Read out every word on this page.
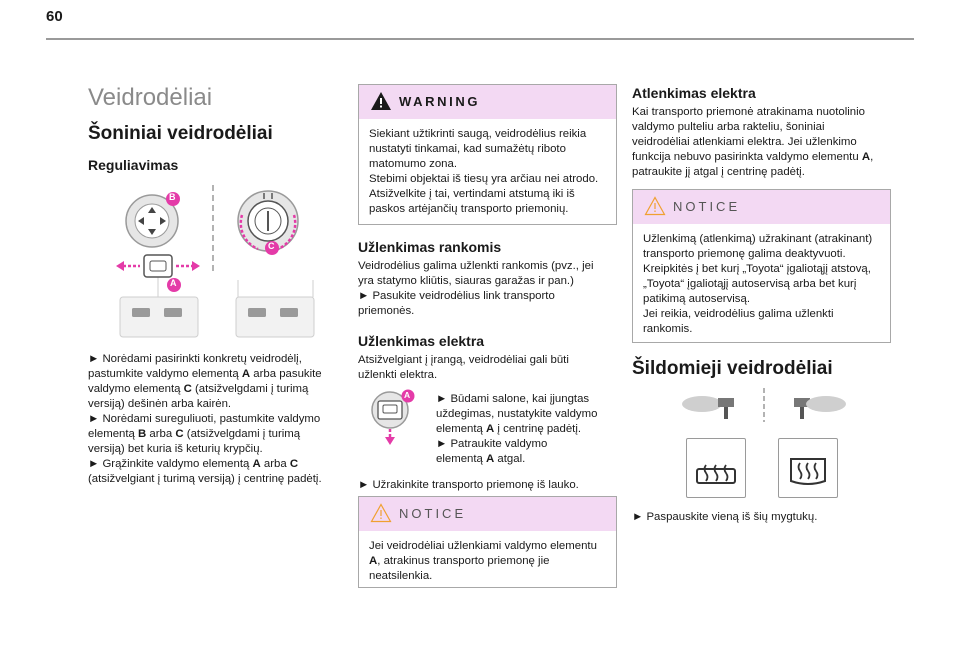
60
Veidrodėliai
Šoniniai veidrodėliai
Reguliavimas
B
A
C
► Norėdami pasirinkti konkretų veidrodėlį,
pastumkite valdymo elementą A arba pasukite
valdymo elementą C (atsižvelgdami į turimą
versiją) dešinėn arba kairėn.
► Norėdami sureguliuoti, pastumkite valdymo
elementą B arba C (atsižvelgdami į turimą
versiją) bet kuria iš keturių krypčių.
► Grąžinkite valdymo elementą A arba C
(atsižvelgiant į turimą versiją) į centrinę padėtį.
WARNING
Siekiant užtikrinti saugą, veidrodėlius reikia
nustatyti tinkamai, kad sumažėtų riboto
matomumo zona.
Stebimi objektai iš tiesų yra arčiau nei atrodo.
Atsižvelkite į tai, vertindami atstumą iki iš
paskos artėjančių transporto priemonių.
Užlenkimas rankomis
Veidrodėlius galima užlenkti rankomis (pvz., jei
yra statymo kliūtis, siauras garažas ir pan.)
► Pasukite veidrodėlius link transporto
priemonės.
Užlenkimas elektra
Atsižvelgiant į įrangą, veidrodėliai gali būti
užlenkti elektra.
A ► Būdami salone, kai įjungtas
uždegimas, nustatykite valdymo
elementą A į centrinę padėtį.
► Patraukite valdymo
elementą A atgal.
► Užrakinkite transporto priemonę iš lauko.
NOTICE
Jei veidrodėliai užlenkiami valdymo elementu
A, atrakinus transporto priemonę jie
neatsilenkia.
Atlenkimas elektra
Kai transporto priemonė atrakinama nuotolinio
valdymo pulteliu arba rakteliu, šoniniai
veidrodėliai atlenkiami elektra. Jei užlenkimo
funkcija nebuvo pasirinkta valdymo elementu A,
patraukite jį atgal į centrinę padėtį.
NOTICE
Užlenkimą (atlenkimą) užrakinant (atrakinant)
transporto priemonę galima deaktyvuoti.
Kreipkitės į bet kurį „Toyota“ įgaliotąjį atstovą,
„Toyota“ įgaliotąjį autoservisą arba bet kurį
patikimą autoservisą.
Jei reikia, veidrodėlius galima užlenkti
rankomis.
Šildomieji veidrodėliai
► Paspauskite vieną iš šių mygtukų.
